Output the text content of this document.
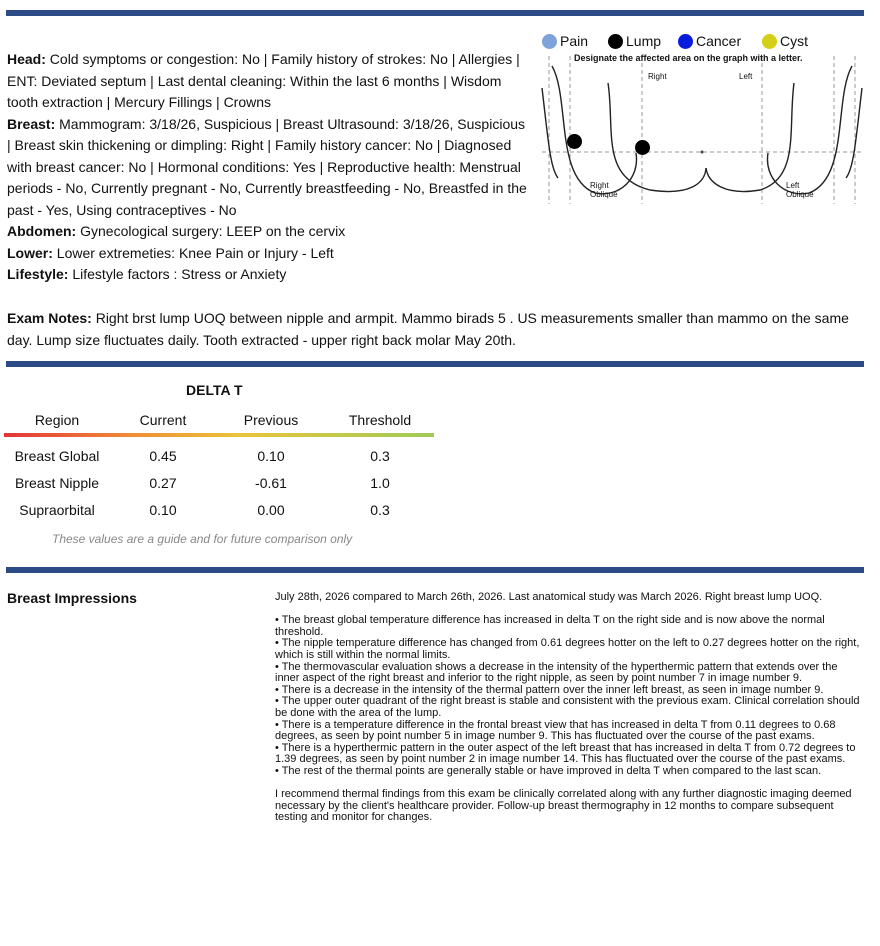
Head: Cold symptoms or congestion: No | Family history of strokes: No | Allergies | ENT: Deviated septum | Last dental cleaning: Within the last 6 months | Wisdom tooth extraction | Mercury Fillings | Crowns
Breast: Mammogram: 3/18/26, Suspicious | Breast Ultrasound: 3/18/26, Suspicious | Breast skin thickening or dimpling: Right | Family history cancer: No | Diagnosed with breast cancer: No | Hormonal conditions: Yes | Reproductive health: Menstrual periods - No, Currently pregnant - No, Currently breastfeeding - No, Breastfed in the past - Yes, Using contraceptives - No
Abdomen: Gynecological surgery: LEEP on the cervix
Lower: Lower extremeties: Knee Pain or Injury - Left
Lifestyle: Lifestyle factors : Stress or Anxiety
Exam Notes: Right brst lump UOQ between nipple and armpit. Mammo birads 5 . US measurements smaller than mammo on the same day. Lump size fluctuates daily. Tooth extracted - upper right back molar May 20th.
Pain	Lump Cancer	Cyst
Designate the affected area on the graph with a letter.
Right	Left
Right
Oblique
Left
Oblique
DELTA T
Region	Current	Previous	Threshold

Breast Global	0.45	0.10	0.3
Breast Nipple	0.27	-0.61	1.0
Supraorbital	0.10	0.00	0.3
These values are a guide and for future comparison only
Breast Impressions	July 28th, 2026 compared to March 26th, 2026. Last anatomical study was March 2026. Right breast lump UOQ.

• The breast global temperature difference has increased in delta T on the right side and is now above the normal threshold.

• The nipple temperature difference has changed from 0.61 degrees hotter on the left to 0.27 degrees hotter on the right, which is still within the normal limits.

• The thermovascular evaluation shows a decrease in the intensity of the hyperthermic pattern that extends over the inner aspect of the right breast and inferior to the right nipple, as seen by point number 7 in image number 9.

• There is a decrease in the intensity of the thermal pattern over the inner left breast, as seen in image number 9.

• The upper outer quadrant of the right breast is stable and consistent with the previous exam. Clinical correlation should be done with the area of the lump.

• There is a temperature difference in the frontal breast view that has increased in delta T from 0.11 degrees to 0.68 degrees, as seen by point number 5 in image number 9. This has fluctuated over the course of the past exams.

• There is a hyperthermic pattern in the outer aspect of the left breast that has increased in delta T from 0.72 degrees to 1.39 degrees, as seen by point number 2 in image number 14. This has fluctuated over the course of the past exams.

• The rest of the thermal points are generally stable or have improved in delta T when compared to the last scan.

I recommend thermal findings from this exam be clinically correlated along with any further diagnostic imaging deemed necessary by the client's healthcare provider. Follow-up breast thermography in 12 months to compare subsequent testing and monitor for changes.
